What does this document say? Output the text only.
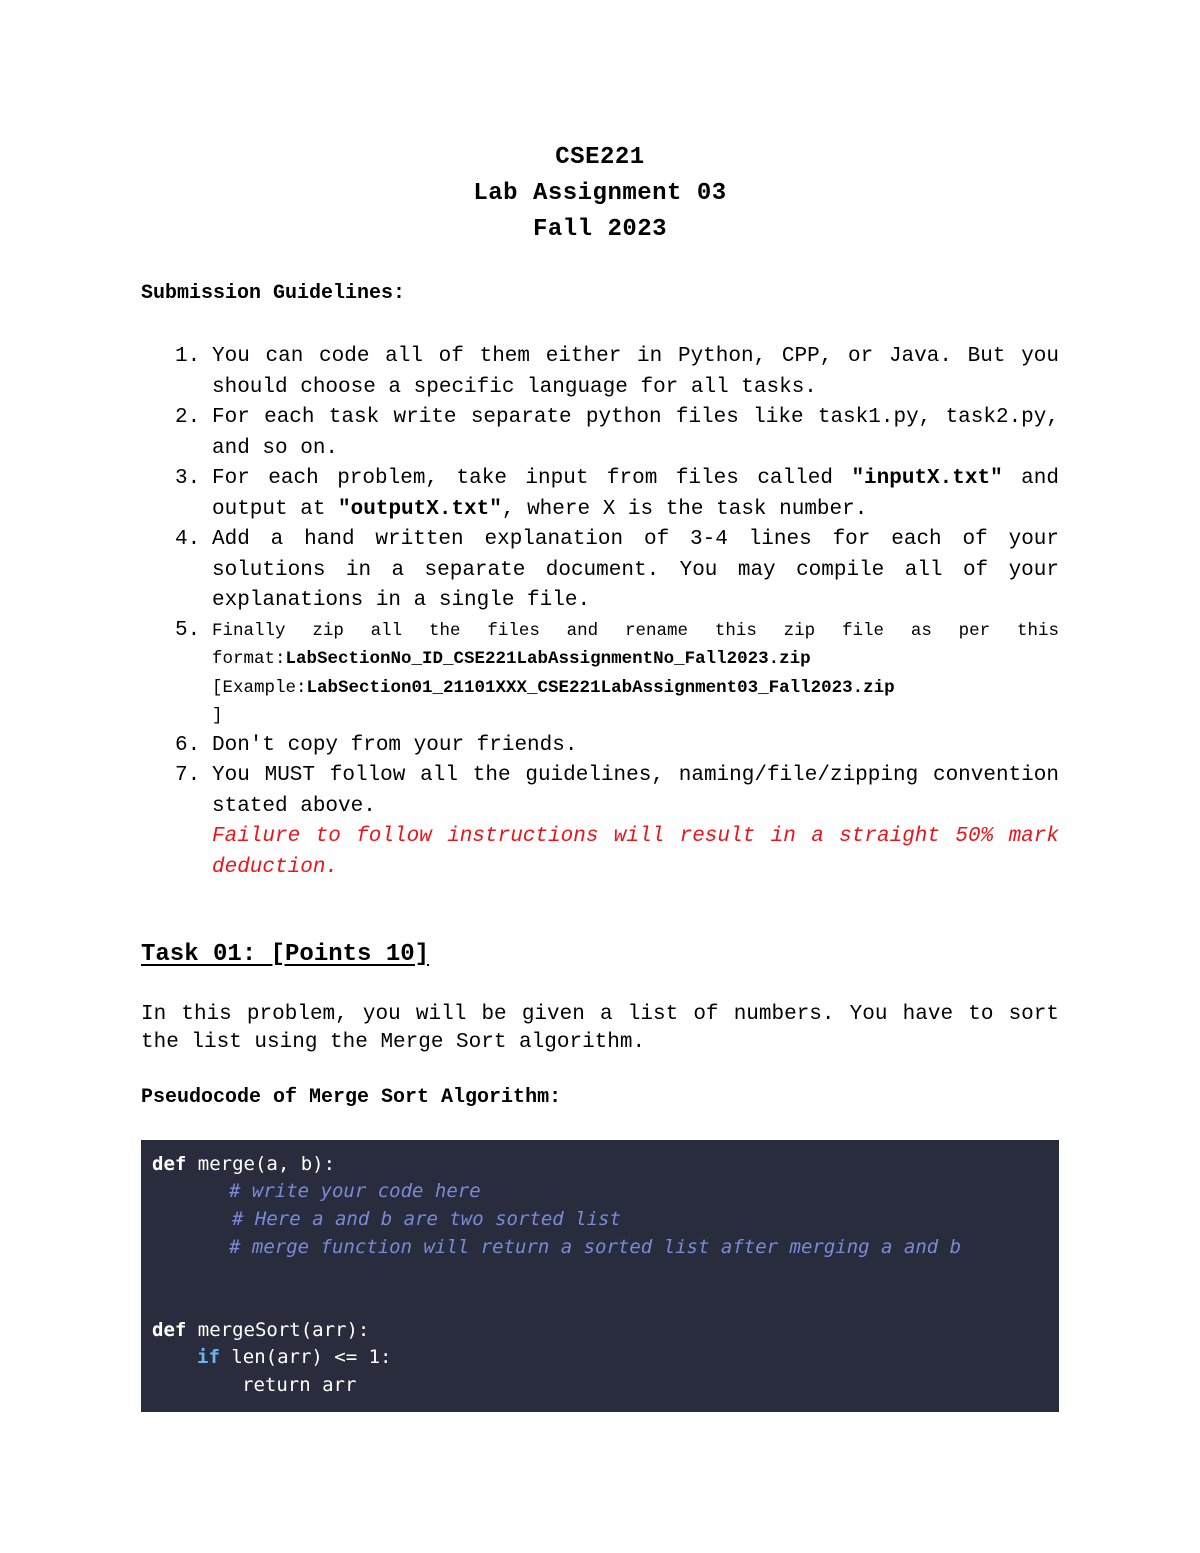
CSE221
Lab Assignment 03
Fall 2023
Submission Guidelines:
1. You can code all of them either in Python, CPP, or Java. But you should choose a specific language for all tasks.
2. For each task write separate python files like task1.py, task2.py, and so on.
3. For each problem, take input from files called "inputX.txt" and output at "outputX.txt", where X is the task number.
4. Add a hand written explanation of 3-4 lines for each of your solutions in a separate document. You may compile all of your explanations in a single file.
5. Finally zip all the files and rename this zip file as per this
format:LabSectionNo_ID_CSE221LabAssignmentNo_Fall2023.zip
[Example:LabSection01_21101XXX_CSE221LabAssignment03_Fall2023.zip
]
6. Don't copy from your friends.
7. You MUST follow all the guidelines, naming/file/zipping convention stated above.
Failure to follow instructions will result in a straight 50% mark deduction.
Task 01: [Points 10]
In this problem, you will be given a list of numbers. You have to sort the list using the Merge Sort algorithm.
Pseudocode of Merge Sort Algorithm:
def merge(a, b):
# write your code here
# Here a and b are two sorted list
# merge function will return a sorted list after merging a and b
def mergeSort(arr):
if len(arr) <= 1:
return arr
